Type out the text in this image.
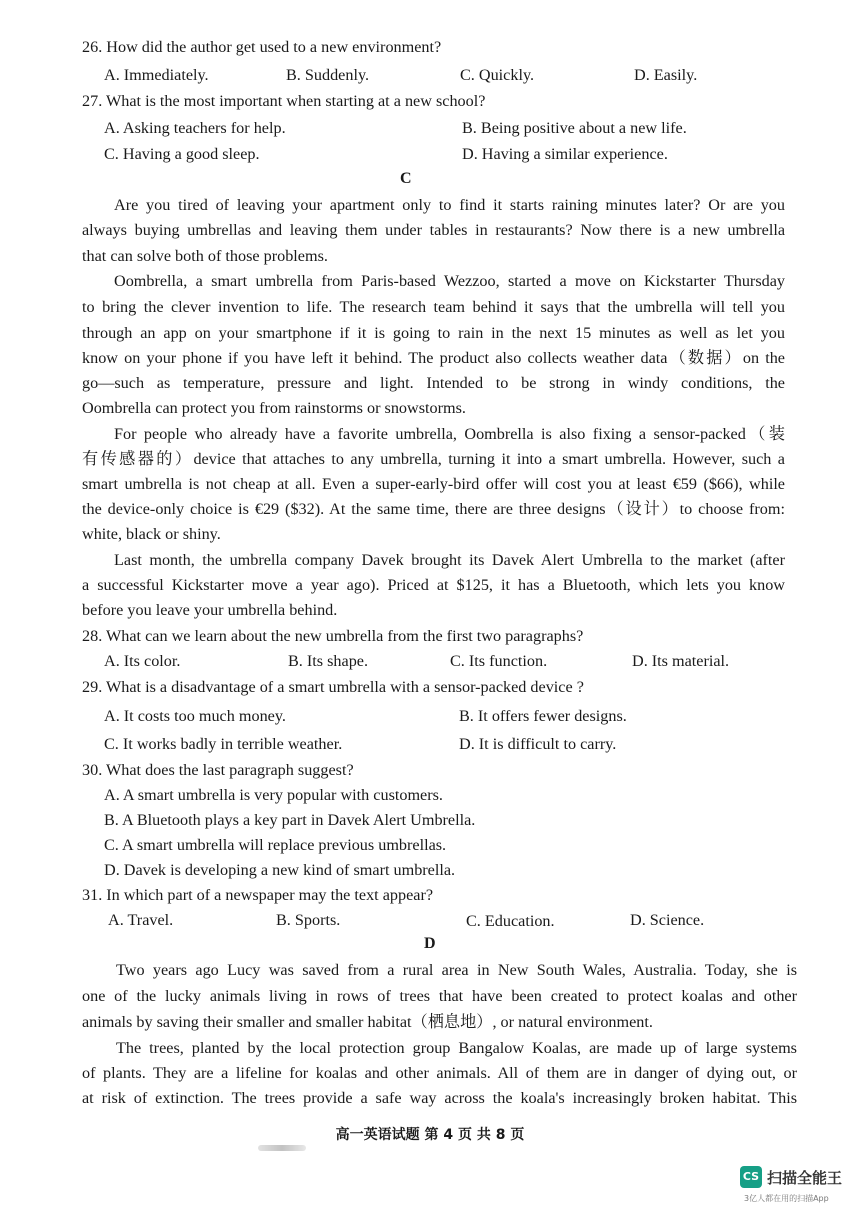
26. How did the author get used to a new environment?
A. Immediately.	B. Suddenly.	C. Quickly.	D. Easily.
27. What is the most important when starting at a new school?
A. Asking teachers for help.	B. Being positive about a new life.
C. Having a good sleep.	D. Having a similar experience.
C
Are you tired of leaving your apartment only to find it starts raining minutes later? Or are you
always buying umbrellas and leaving them under tables in restaurants? Now there is a new umbrella
that can solve both of those problems.
Oombrella, a smart umbrella from Paris-based Wezzoo, started a move on Kickstarter Thursday
to bring the clever invention to life. The research team behind it says that the umbrella will tell you
through an app on your smartphone if it is going to rain in the next 15 minutes as well as let you
know on your phone if you have left it behind. The product also collects weather data（数据）on the
go—such as temperature, pressure and light. Intended to be strong in windy conditions, the
Oombrella can protect you from rainstorms or snowstorms.
For people who already have a favorite umbrella, Oombrella is also fixing a sensor-packed（装
有传感器的）device that attaches to any umbrella, turning it into a smart umbrella. However, such a
smart umbrella is not cheap at all. Even a super-early-bird offer will cost you at least €59 ($66), while
the device-only choice is €29 ($32). At the same time, there are three designs（设计）to choose from:
white, black or shiny.
Last month, the umbrella company Davek brought its Davek Alert Umbrella to the market (after
a successful Kickstarter move a year ago). Priced at $125, it has a Bluetooth, which lets you know
before you leave your umbrella behind.
28. What can we learn about the new umbrella from the first two paragraphs?
A. Its color.	B. Its shape.	C. Its function.	D. Its material.
29. What is a disadvantage of a smart umbrella with a sensor-packed device ?
A. It costs too much money.	B. It offers fewer designs.
C. It works badly in terrible weather.	D. It is difficult to carry.
30. What does the last paragraph suggest?
A. A smart umbrella is very popular with customers.
B. A Bluetooth plays a key part in Davek Alert Umbrella.
C. A smart umbrella will replace previous umbrellas.
D. Davek is developing a new kind of smart umbrella.
31. In which part of a newspaper may the text appear?
A. Travel.	B. Sports.	C. Education.	D. Science.
D
Two years ago Lucy was saved from a rural area in New South Wales, Australia. Today, she is
one of the lucky animals living in rows of trees that have been created to protect koalas and other
animals by saving their smaller and smaller habitat（栖息地）, or natural environment.
The trees, planted by the local protection group Bangalow Koalas, are made up of large systems
of plants. They are a lifeline for koalas and other animals. All of them are in danger of dying out, or
at risk of extinction. The trees provide a safe way across the koala's increasingly broken habitat. This
高一英语试题 第 4 页 共 8 页
CS 扫描全能王
3亿人都在用的扫描App
